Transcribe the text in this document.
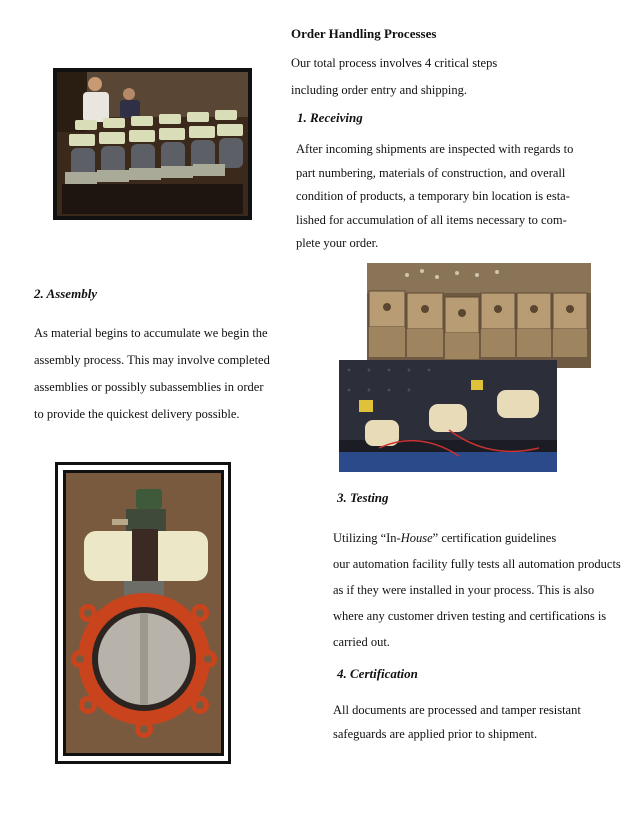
Order Handling Processes
Our total process involves 4 critical steps
including order entry and shipping.
1. Receiving
After incoming shipments are inspected with regards to
part numbering, materials of construction, and overall
condition of products, a temporary bin location is esta-
lished for accumulation of all items necessary to com-
plete your order.
2. Assembly
As material begins to accumulate we begin the
assembly process. This may involve completed
assemblies or possibly subassemblies in order
to provide the quickest delivery possible.
3. Testing
Utilizing “In-House” certification guidelines
our automation facility fully tests all automation products
as if they were installed in your process. This is also
where any customer driven testing and certifications is
carried out.
4. Certification
All documents are processed and tamper resistant
safeguards are applied prior to shipment.
